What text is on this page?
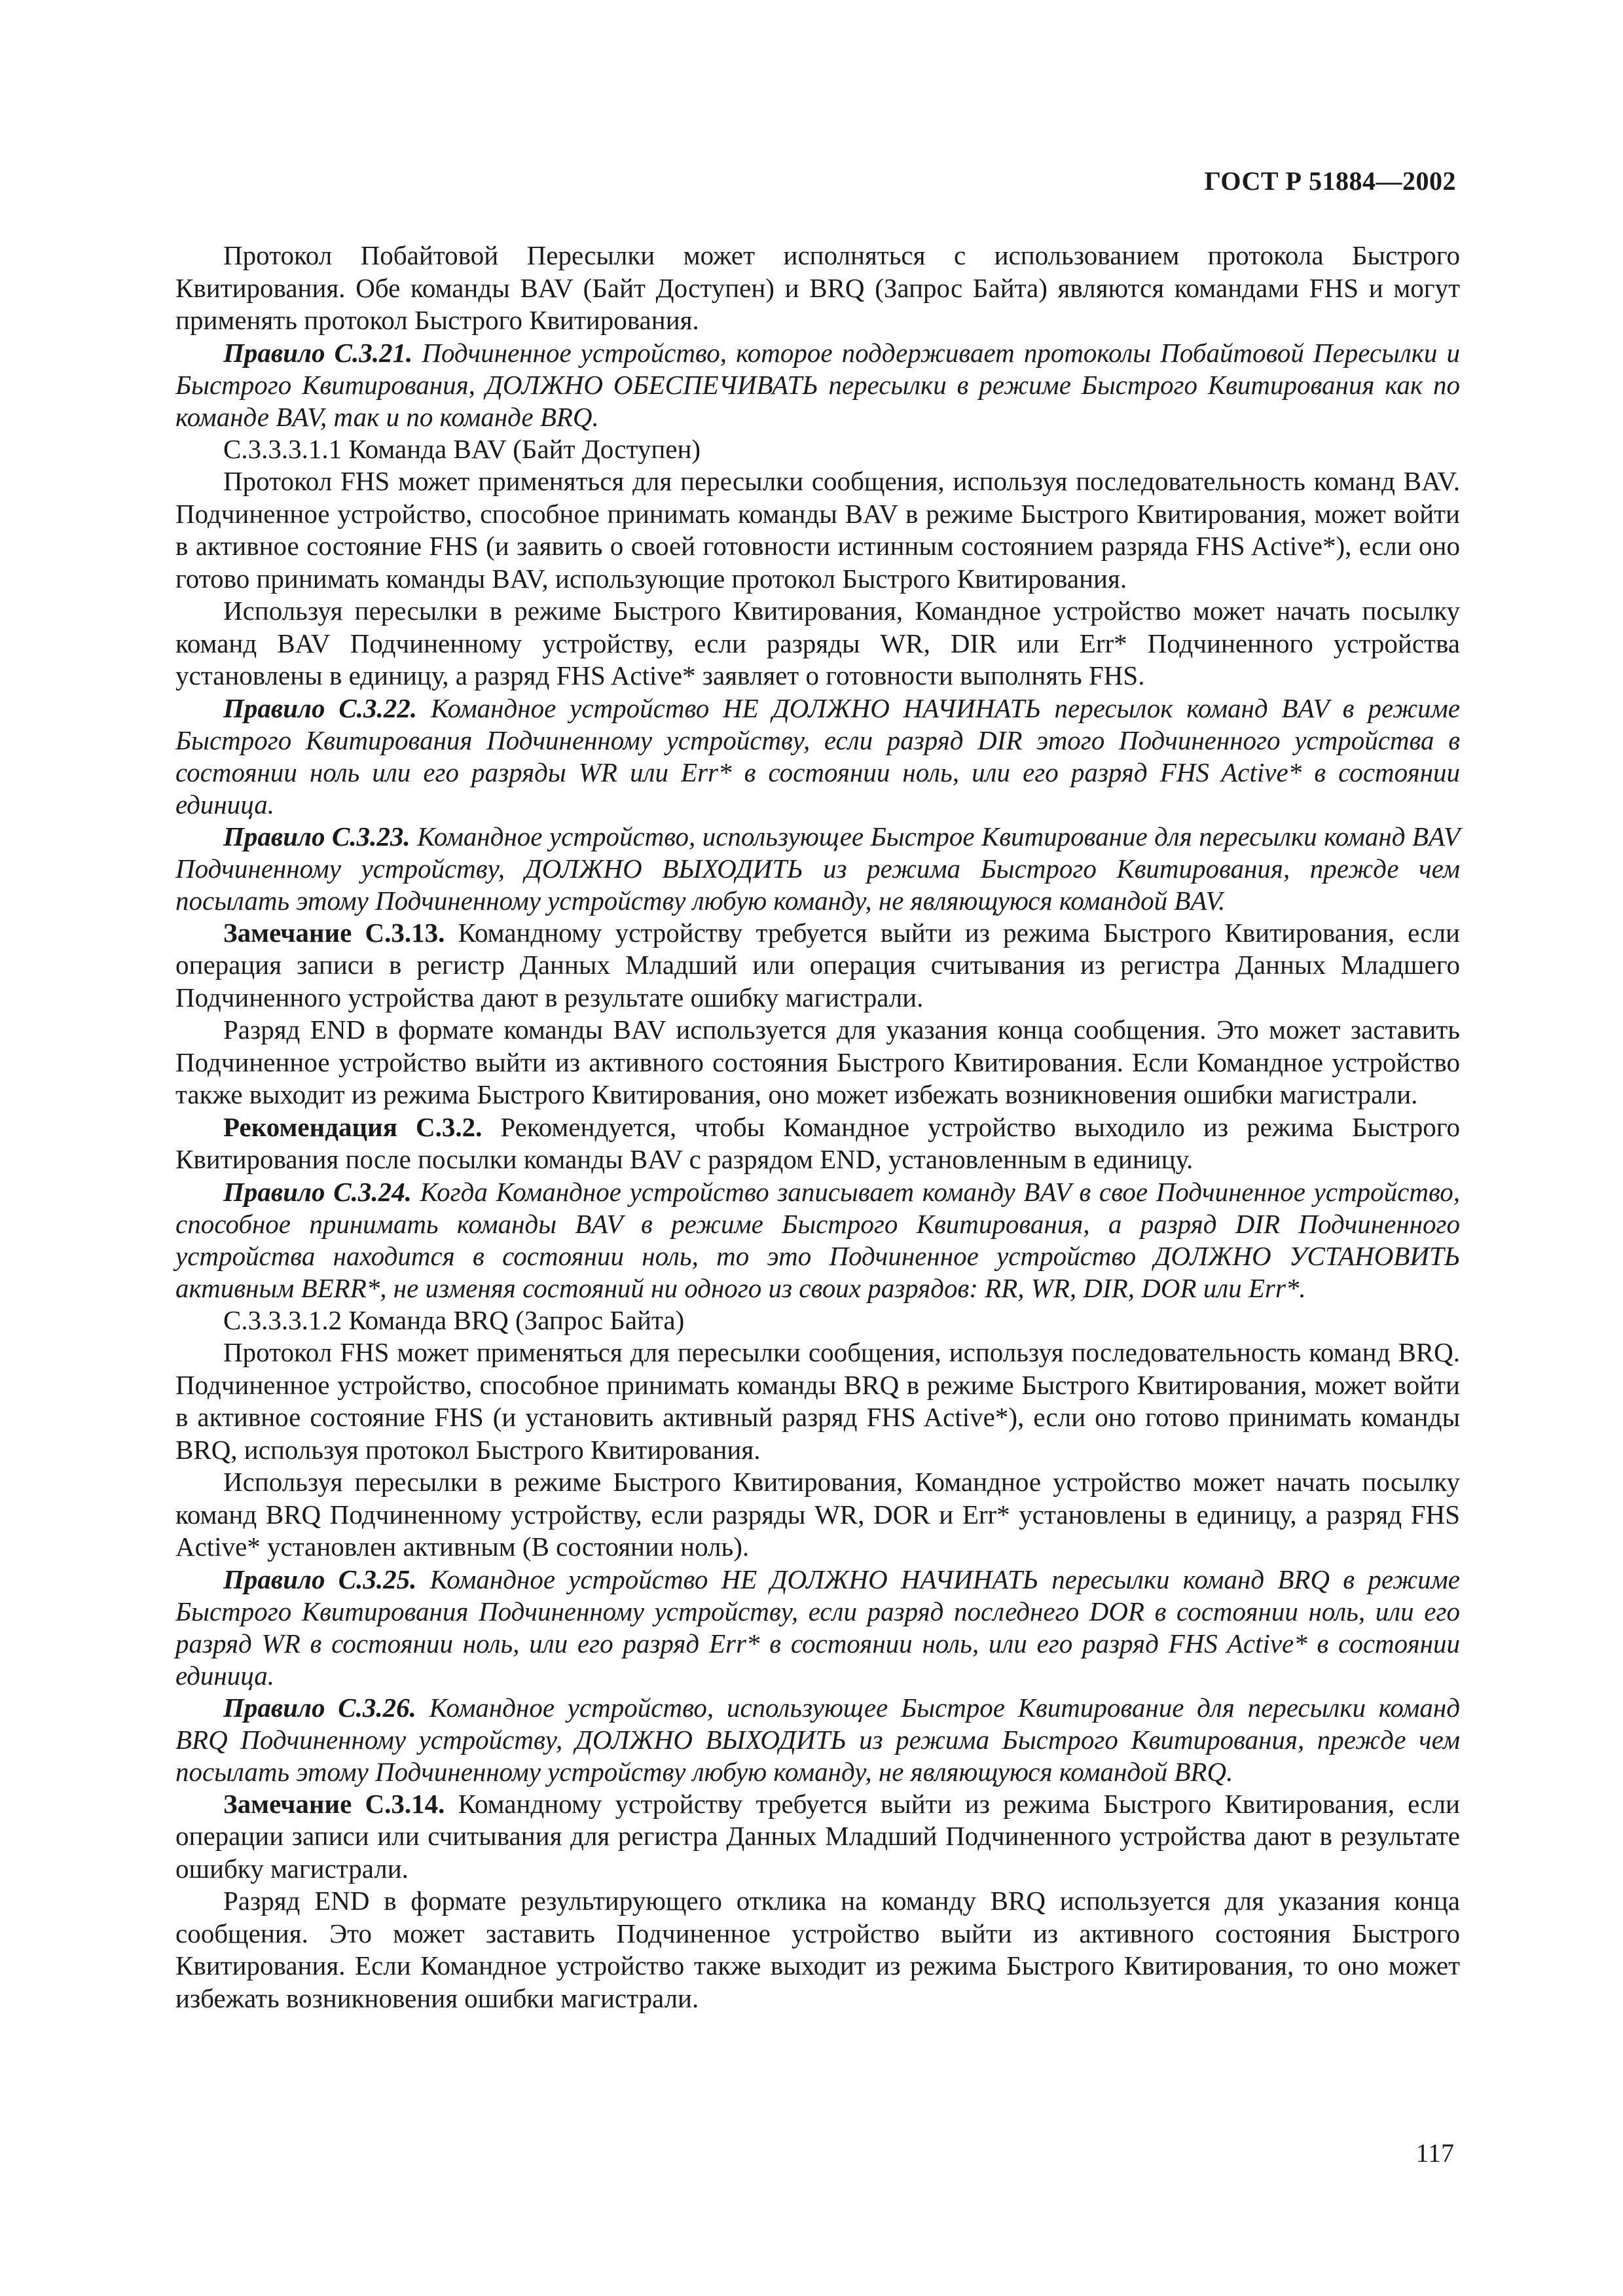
ГОСТ Р 51884—2002

Протокол Побайтовой Пересылки может исполняться с использованием протокола Быстрого Квитирования. Обе команды BAV (Байт Доступен) и BRQ (Запрос Байта) являются командами FHS и могут применять протокол Быстрого Квитирования.

Правило C.3.21. Подчиненное устройство, которое поддерживает протоколы Побайтовой Пересылки и Быстрого Квитирования, ДОЛЖНО ОБЕСПЕЧИВАТЬ пересылки в режиме Быстрого Квитирования как по команде BAV, так и по команде BRQ.

C.3.3.3.1.1 Команда BAV (Байт Доступен)

Протокол FHS может применяться для пересылки сообщения, используя последовательность команд BAV. Подчиненное устройство, способное принимать команды BAV в режиме Быстрого Квитирования, может войти в активное состояние FHS (и заявить о своей готовности истинным состоянием разряда FHS Active*), если оно готово принимать команды BAV, использующие протокол Быстрого Квитирования.

Используя пересылки в режиме Быстрого Квитирования, Командное устройство может начать посылку команд BAV Подчиненному устройству, если разряды WR, DIR или Err* Подчиненного устройства установлены в единицу, а разряд FHS Active* заявляет о готовности выполнять FHS.

Правило C.3.22. Командное устройство НЕ ДОЛЖНО НАЧИНАТЬ пересылок команд BAV в режиме Быстрого Квитирования Подчиненному устройству, если разряд DIR этого Подчиненного устройства в состоянии ноль или его разряды WR или Err* в состоянии ноль, или его разряд FHS Active* в состоянии единица.

Правило C.3.23. Командное устройство, использующее Быстрое Квитирование для пересылки команд BAV Подчиненному устройству, ДОЛЖНО ВЫХОДИТЬ из режима Быстрого Квитирования, прежде чем посылать этому Подчиненному устройству любую команду, не являющуюся командой BAV.

Замечание C.3.13. Командному устройству требуется выйти из режима Быстрого Квитирования, если операция записи в регистр Данных Младший или операция считывания из регистра Данных Младшего Подчиненного устройства дают в результате ошибку магистрали.

Разряд END в формате команды BAV используется для указания конца сообщения. Это может заставить Подчиненное устройство выйти из активного состояния Быстрого Квитирования. Если Командное устройство также выходит из режима Быстрого Квитирования, оно может избежать возникновения ошибки магистрали.

Рекомендация C.3.2. Рекомендуется, чтобы Командное устройство выходило из режима Быстрого Квитирования после посылки команды BAV с разрядом END, установленным в единицу.

Правило C.3.24. Когда Командное устройство записывает команду BAV в свое Подчиненное устройство, способное принимать команды BAV в режиме Быстрого Квитирования, а разряд DIR Подчиненного устройства находится в состоянии ноль, то это Подчиненное устройство ДОЛЖНО УСТАНОВИТЬ активным BERR*, не изменяя состояний ни одного из своих разрядов: RR, WR, DIR, DOR или Err*.

C.3.3.3.1.2 Команда BRQ (Запрос Байта)

Протокол FHS может применяться для пересылки сообщения, используя последовательность команд BRQ. Подчиненное устройство, способное принимать команды BRQ в режиме Быстрого Квитирования, может войти в активное состояние FHS (и установить активный разряд FHS Active*), если оно готово принимать команды BRQ, используя протокол Быстрого Квитирования.

Используя пересылки в режиме Быстрого Квитирования, Командное устройство может начать посылку команд BRQ Подчиненному устройству, если разряды WR, DOR и Err* установлены в единицу, а разряд FHS Active* установлен активным (В состоянии ноль).

Правило C.3.25. Командное устройство НЕ ДОЛЖНО НАЧИНАТЬ пересылки команд BRQ в режиме Быстрого Квитирования Подчиненному устройству, если разряд последнего DOR в состоянии ноль, или его разряд WR в состоянии ноль, или его разряд Err* в состоянии ноль, или его разряд FHS Active* в состоянии единица.

Правило C.3.26. Командное устройство, использующее Быстрое Квитирование для пересылки команд BRQ Подчиненному устройству, ДОЛЖНО ВЫХОДИТЬ из режима Быстрого Квитирования, прежде чем посылать этому Подчиненному устройству любую команду, не являющуюся командой BRQ.

Замечание C.3.14. Командному устройству требуется выйти из режима Быстрого Квитирования, если операции записи или считывания для регистра Данных Младший Подчиненного устройства дают в результате ошибку магистрали.

Разряд END в формате результирующего отклика на команду BRQ используется для указания конца сообщения. Это может заставить Подчиненное устройство выйти из активного состояния Быстрого Квитирования. Если Командное устройство также выходит из режима Быстрого Квитирования, то оно может избежать возникновения ошибки магистрали.

117
